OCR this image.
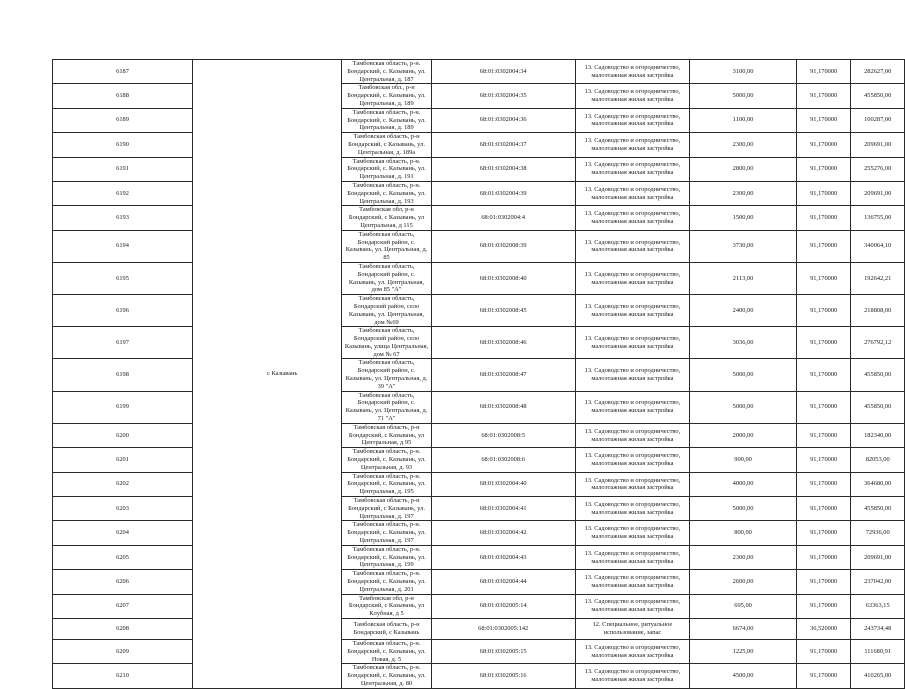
6187	с Казывань	Тамбовская область, р-н. Бондарский, с. Казывань, ул. Центральная, д. 187	68:01:0302004:34	13. Садоводство и огородничество, малоэтажная жилая застройка	3100,00	91,170000	282627,00
6188		Тамбовская обл., р-н Бондарский, с. Казывань, ул. Центральная, д. 189	68:01:0302004:35	13. Садоводство и огородничество, малоэтажная жилая застройка	5000,00	91,170000	455850,00
6189		Тамбовская область, р-н. Бондарский, с. Казывань, ул. Центральная, д. 189	68:01:0302004:36	13. Садоводство и огородничество, малоэтажная жилая застройка	1100,00	91,170000	100287,00
6190		Тамбовская область, р-н Бондарский, с Казывань, ул. Центральная, д. 189а	68:01:0302004:37	13. Садоводство и огородничество, малоэтажная жилая застройка	2300,00	91,170000	209691,00
6191		Тамбовская область, р-н. Бондарский, с. Казывань, ул. Центральная, д. 191	68:01:0302004:38	13. Садоводство и огородничество, малоэтажная жилая застройка	2800,00	91,170000	255276,00
6192		Тамбовская область, р-н. Бондарский, с. Казывань, ул. Центральная, д. 193	68:01:0302004:39	13. Садоводство и огородничество, малоэтажная жилая застройка	2300,00	91,170000	209691,00
6193		Тамбовская обл, р-н Бондарский, с Казывань, ул Центральная, д 115	68:01:0302004:4	13. Садоводство и огородничество, малоэтажная жилая застройка	1500,00	91,170000	136755,00
6194		Тамбовская область, Бондарский район, с. Казывань, ул. Центральная, д. 85	68:01:0302008:39	13. Садоводство и огородничество, малоэтажная жилая застройка	3730,00	91,170000	340064,10
6195		Тамбовская область, Бондарский район, с. Казывань, ул. Центральная, дом 85 "А"	68:01:0302008:40	13. Садоводство и огородничество, малоэтажная жилая застройка	2113,00	91,170000	192642,21
6196		Тамбовская область, Бондарский район, село Казывань, ул. Центральная, дом №69	68:01:0302008:45	13. Садоводство и огородничество, малоэтажная жилая застройка	2400,00	91,170000	218808,00
6197		Тамбовская область, Бондарский район, село Казывань, улица Центральная, дом № 67	68:01:0302008:46	13. Садоводство и огородничество, малоэтажная жилая застройка	3036,00	91,170000	276792,12
6198		Тамбовская область, Бондарский район, с. Казывань, ул. Центральная, д. 39 "А"	68:01:0302008:47	13. Садоводство и огородничество, малоэтажная жилая застройка	5000,00	91,170000	455850,00
6199		Тамбовская область, Бондарский район, с. Казывань, ул. Центральная, д. 71 "А"	68:01:0302008:48	13. Садоводство и огородничество, малоэтажная жилая застройка	5000,00	91,170000	455850,00
6200		Тамбовская область, р-н Бондарский, с Казывань, ул Центральная, д 95	68:01:0302008:5	13. Садоводство и огородничество, малоэтажная жилая застройка	2000,00	91,170000	182340,00
6201		Тамбовская область, р-н. Бондарский, с. Казывань, ул. Центральная, д. 93	68:01:0302008:6	13. Садоводство и огородничество, малоэтажная жилая застройка	900,00	91,170000	82053,00
6202		Тамбовская область, р-н. Бондарский, с. Казывань, ул. Центральная, д. 195	68:01:0302004:40	13. Садоводство и огородничество, малоэтажная жилая застройка	4000,00	91,170000	364680,00
6203		Тамбовская область, р-н Бондарский, с Казывань, ул. Центральная, д. 197	68:01:0302004:41	13. Садоводство и огородничество, малоэтажная жилая застройка	5000,00	91,170000	455850,00
6204		Тамбовская область, р-н. Бондарский, с. Казывань, ул. Центральная, д. 197	68:01:0302004:42	13. Садоводство и огородничество, малоэтажная жилая застройка	800,00	91,170000	72936,00
6205		Тамбовская область, р-н. Бондарский, с. Казывань, ул. Центральная, д. 199	68:01:0302004:43	13. Садоводство и огородничество, малоэтажная жилая застройка	2300,00	91,170000	209691,00
6206		Тамбовская область, р-н. Бондарский, с. Казывань, ул. Центральная, д. 201	68:01:0302004:44	13. Садоводство и огородничество, малоэтажная жилая застройка	2600,00	91,170000	237042,00
6207		Тамбовская обл, р-н Бондарский, с Казывань, ул Клубная, д 5	68:01:0302005:14	13. Садоводство и огородничество, малоэтажная жилая застройка	695,00	91,170000	63363,15
6208		Тамбовская область, р-н Бондарский, с Казывань	68:01:0302005:142	12. Специальное, ритуальное использование, запас	6674,00	36,520000	243734,48
6209		Тамбовская область, р-н. Бондарский, с. Казывань, ул. Новая, д. 5	68:01:0302005:15	13. Садоводство и огородничество, малоэтажная жилая застройка	1225,00	91,170000	111680,91
6210		Тамбовская область, р-н. Бондарский, с. Казывань, ул. Центральная, д. 80	68:01:0302005:16	13. Садоводство и огородничество, малоэтажная жилая застройка	4500,00	91,170000	410265,00
